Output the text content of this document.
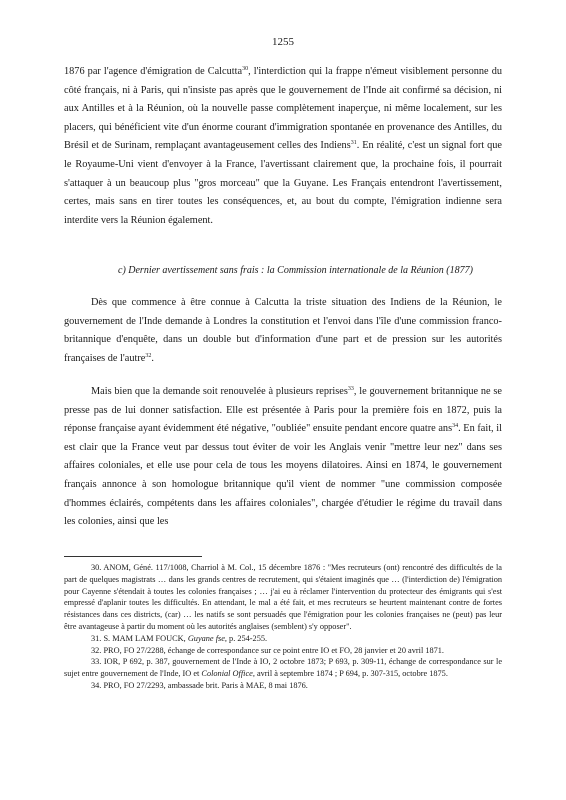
1255

1876 par l'agence d'émigration de Calcutta$^{30}$, l'interdiction qui la frappe n'émeut visiblement personne du côté français, ni à Paris, qui n'insiste pas après que le gouvernement de l'Inde ait confirmé sa décision, ni aux Antilles et à la Réunion, où la nouvelle passe complètement inaperçue, ni même localement, sur les placers, qui bénéficient vite d'un énorme courant d'immigration spontanée en provenance des Antilles, du Brésil et de Surinam, remplaçant avantageusement celles des Indiens$^{31}$. En réalité, c'est un signal fort que le Royaume-Uni vient d'envoyer à la France, l'avertissant clairement que, la prochaine fois, il pourrait s'attaquer à un beaucoup plus "gros morceau" que la Guyane. Les Français entendront l'avertissement, certes, mais sans en tirer toutes les conséquences, et, au bout du compte, l'émigration indienne sera interdite vers la Réunion également.

c) Dernier avertissement sans frais : la Commission internationale de la Réunion (1877)

Dès que commence à être connue à Calcutta la triste situation des Indiens de la Réunion, le gouvernement de l'Inde demande à Londres la constitution et l'envoi dans l'île d'une commission franco-britannique d'enquête, dans un double but d'information d'une part et de pression sur les autorités françaises de l'autre$^{32}$.

Mais bien que la demande soit renouvelée à plusieurs reprises$^{33}$, le gouvernement britannique ne se presse pas de lui donner satisfaction. Elle est présentée à Paris pour la première fois en 1872, puis la réponse française ayant évidemment été négative, "oubliée" ensuite pendant encore quatre ans$^{34}$. En fait, il est clair que la France veut par dessus tout éviter de voir les Anglais venir "mettre leur nez" dans ses affaires coloniales, et elle use pour cela de tous les moyens dilatoires. Ainsi en 1874, le gouvernement français annonce à son homologue britannique qu'il vient de nommer "une commission composée d'hommes éclairés, compétents dans les affaires coloniales", chargée d'étudier le régime du travail dans les colonies, ainsi que les

30. ANOM, Géné. 117/1008, Charriol à M. Col., 15 décembre 1876 : "Mes recruteurs (ont) rencontré des difficultés de la part de quelques magistrats … dans les grands centres de recrutement, qui s'étaient imaginés que … (l'interdiction de) l'émigration pour Cayenne s'étendait à toutes les colonies françaises ; … j'ai eu à réclamer l'intervention du protecteur des émigrants qui s'est empressé d'aplanir toutes les difficultés. En attendant, le mal a été fait, et mes recruteurs se heurtent maintenant contre de fortes résistances dans ces districts, (car) … les natifs se sont persuadés que l'émigration pour les colonies françaises ne (peut) pas leur être avantageuse à partir du moment où les autorités anglaises (semblent) s'y opposer".

31. S. MAM LAM FOUCK, Guyane fse, p. 254-255.

32. PRO, FO 27/2288, échange de correspondance sur ce point entre IO et FO, 28 janvier et 20 avril 1871.

33. IOR, P 692, p. 387, gouvernement de l'Inde à IO, 2 octobre 1873; P 693, p. 309-11, échange de correspondance sur le sujet entre gouvernement de l'Inde, IO et Colonial Office, avril à septembre 1874 ; P 694, p. 307-315, octobre 1875.

34. PRO, FO 27/2293, ambassade brit. Paris à MAE, 8 mai 1876.
